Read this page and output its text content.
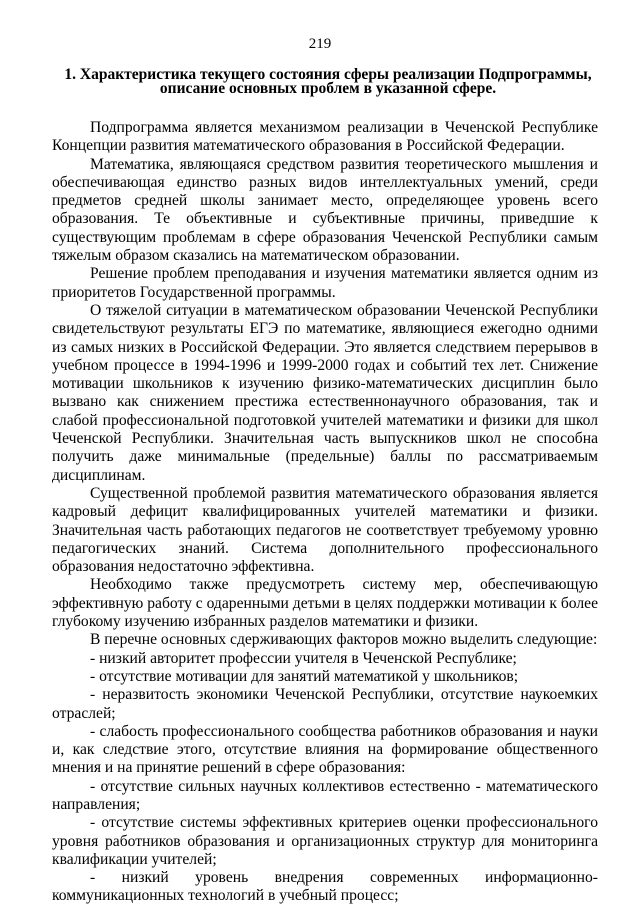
219
1. Характеристика текущего состояния сферы реализации Подпрограммы, описание основных проблем в указанной сфере.

Подпрограмма является механизмом реализации в Чеченской Республике Концепции развития математического образования в Российской Федерации.

Математика, являющаяся средством развития теоретического мышления и обеспечивающая единство разных видов интеллектуальных умений, среди предметов средней школы занимает место, определяющее уровень всего образования. Те объективные и субъективные причины, приведшие к существующим проблемам в сфере образования Чеченской Республики самым тяжелым образом сказались на математическом образовании.

Решение проблем преподавания и изучения математики является одним из приоритетов Государственной программы.

О тяжелой ситуации в математическом образовании Чеченской Республики свидетельствуют результаты ЕГЭ по математике, являющиеся ежегодно одними из самых низких в Российской Федерации. Это является следствием перерывов в учебном процессе в 1994-1996 и 1999-2000 годах и событий тех лет. Снижение мотивации школьников к изучению физико-математических дисциплин было вызвано как снижением престижа естественнонаучного образования, так и слабой профессиональной подготовкой учителей математики и физики для школ Чеченской Республики. Значительная часть выпускников школ не способна получить даже минимальные (предельные) баллы по рассматриваемым дисциплинам.

Существенной проблемой развития математического образования является кадровый дефицит квалифицированных учителей математики и физики. Значительная часть работающих педагогов не соответствует требуемому уровню педагогических знаний. Система дополнительного профессионального образования недостаточно эффективна.

Необходимо также предусмотреть систему мер, обеспечивающую эффективную работу с одаренными детьми в целях поддержки мотивации к более глубокому изучению избранных разделов математики и физики.

В перечне основных сдерживающих факторов можно выделить следующие:

- низкий авторитет профессии учителя в Чеченской Республике;

- отсутствие мотивации для занятий математикой у школьников;

- неразвитость экономики Чеченской Республики, отсутствие наукоемких отраслей;

- слабость профессионального сообщества работников образования и науки и, как следствие этого, отсутствие влияния на формирование общественного мнения и на принятие решений в сфере образования:

- отсутствие сильных научных коллективов естественно - математического направления;

- отсутствие системы эффективных критериев оценки профессионального уровня работников образования и организационных структур для мониторинга квалификации учителей;

- низкий уровень внедрения современных информационно-коммуникационных технологий в учебный процесс;
